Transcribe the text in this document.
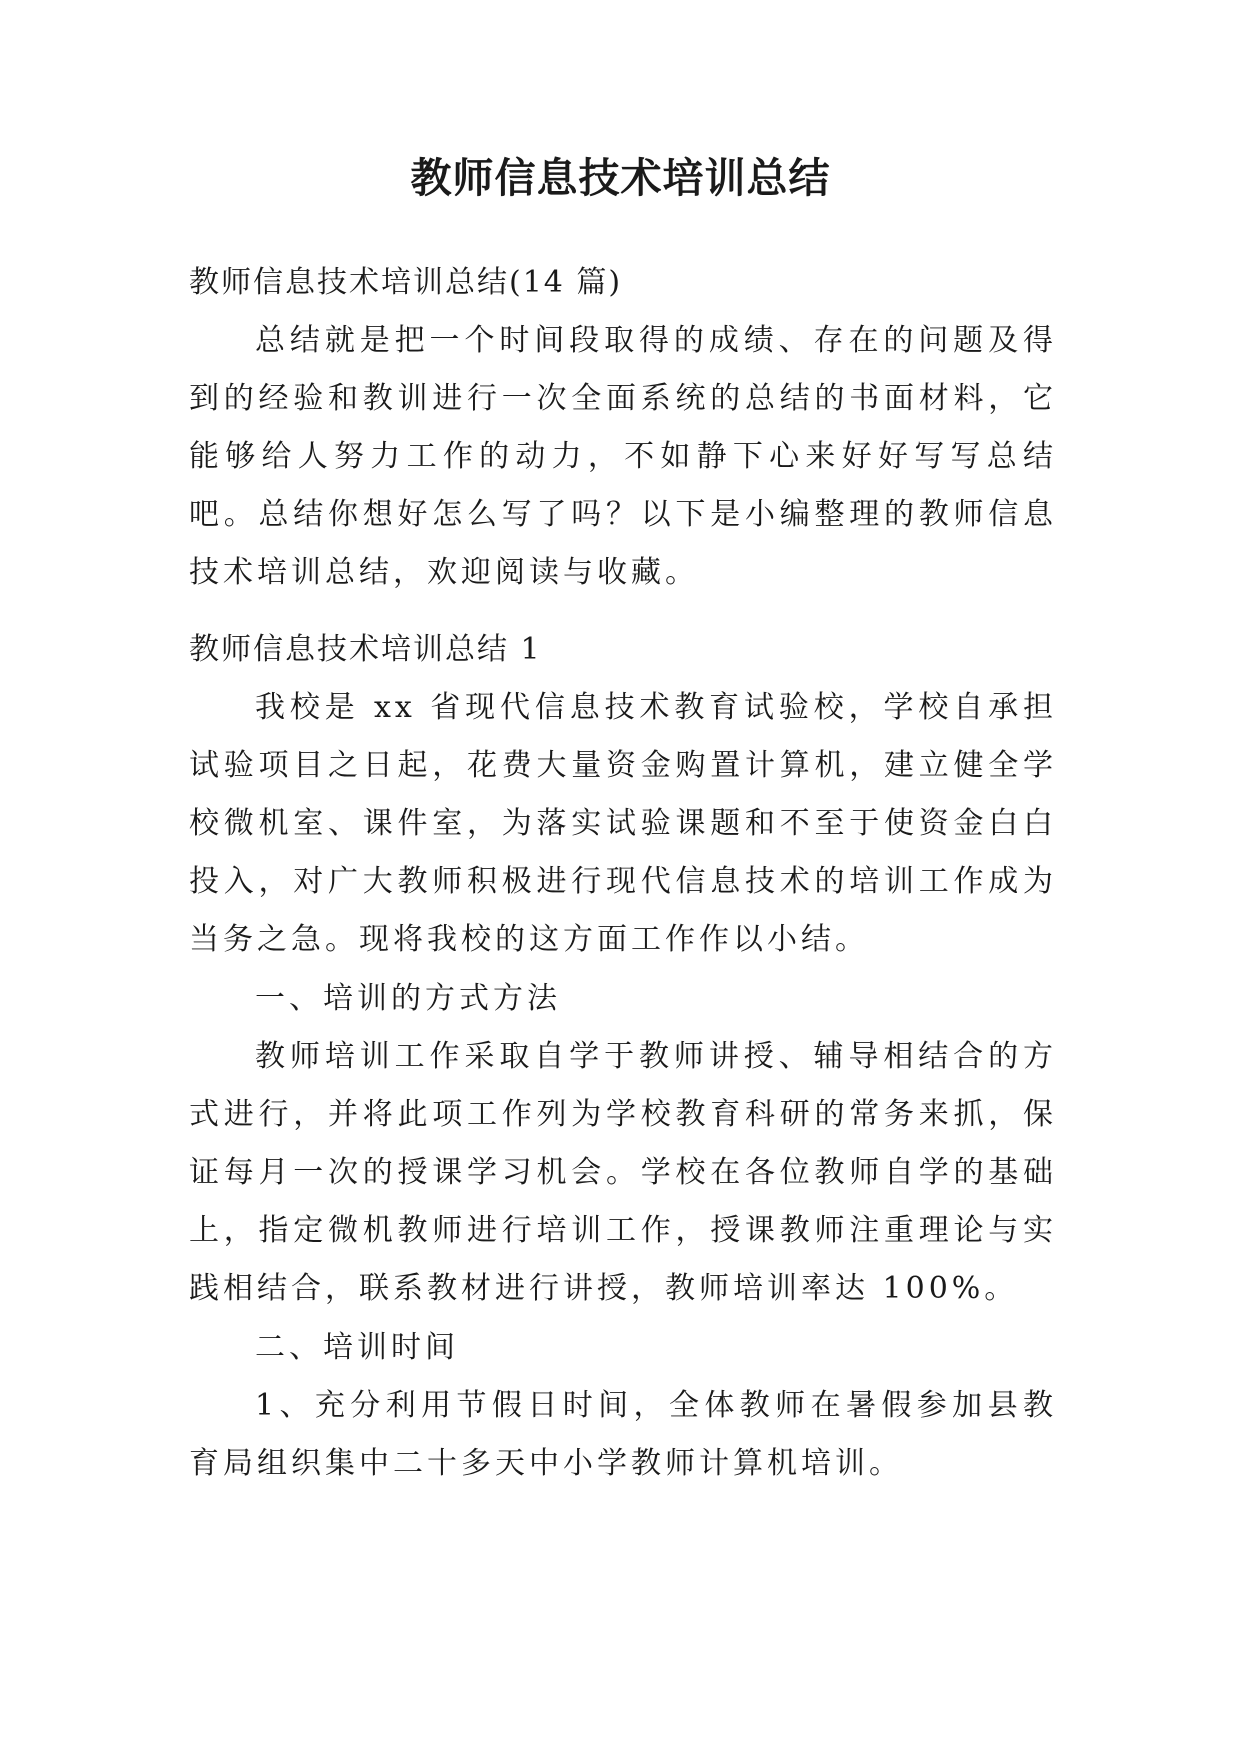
教师信息技术培训总结

教师信息技术培训总结(14 篇)

总结就是把一个时间段取得的成绩、存在的问题及得到的经验和教训进行一次全面系统的总结的书面材料，它能够给人努力工作的动力，不如静下心来好好写写总结吧。总结你想好怎么写了吗？以下是小编整理的教师信息技术培训总结，欢迎阅读与收藏。

教师信息技术培训总结 1

我校是 xx 省现代信息技术教育试验校，学校自承担试验项目之日起，花费大量资金购置计算机，建立健全学校微机室、课件室，为落实试验课题和不至于使资金白白投入，对广大教师积极进行现代信息技术的培训工作成为当务之急。现将我校的这方面工作作以小结。

一、培训的方式方法

教师培训工作采取自学于教师讲授、辅导相结合的方式进行，并将此项工作列为学校教育科研的常务来抓，保证每月一次的授课学习机会。学校在各位教师自学的基础上，指定微机教师进行培训工作，授课教师注重理论与实践相结合，联系教材进行讲授，教师培训率达 100%。

二、培训时间

1、充分利用节假日时间，全体教师在暑假参加县教育局组织集中二十多天中小学教师计算机培训。
